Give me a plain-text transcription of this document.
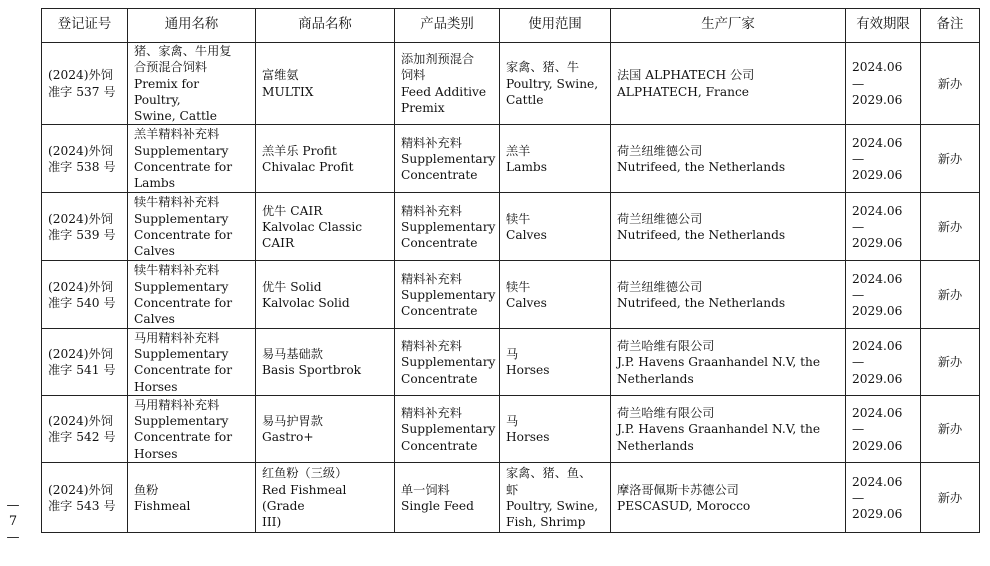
—
7
—
登记证号	通用名称	商品名称	产品类别	使用范围	生产厂家	有效期限	备注

(2024)外饲
准字 537 号	猪、家禽、牛用复
合预混合饲料
Premix for Poultry,
Swine, Cattle	富维氨
MULTIX	添加剂预混合
饲料
Feed Additive
Premix	家禽、猪、牛
Poultry, Swine,
Cattle	法国 ALPHATECH 公司
ALPHATECH, France	2024.06—
2029.06	新办

(2024)外饲
准字 538 号	羔羊精料补充料
Supplementary
Concentrate for
Lambs	羔羊乐 Profit
Chivalac Profit	精料补充料
Supplementary
Concentrate	羔羊
Lambs	荷兰纽维德公司
Nutrifeed, the Netherlands	2024.06—
2029.06	新办

(2024)外饲
准字 539 号	犊牛精料补充料
Supplementary
Concentrate for
Calves	优牛 CAIR
Kalvolac Classic CAIR	精料补充料
Supplementary
Concentrate	犊牛
Calves	荷兰纽维德公司
Nutrifeed, the Netherlands	2024.06—
2029.06	新办

(2024)外饲
准字 540 号	犊牛精料补充料
Supplementary
Concentrate for
Calves	优牛 Solid
Kalvolac Solid	精料补充料
Supplementary
Concentrate	犊牛
Calves	荷兰纽维德公司
Nutrifeed, the Netherlands	2024.06—
2029.06	新办

(2024)外饲
准字 541 号	马用精料补充料
Supplementary
Concentrate for
Horses	易马基础款
Basis Sportbrok	精料补充料
Supplementary
Concentrate	马
Horses	荷兰哈维有限公司
J.P. Havens Graanhandel N.V, the
Netherlands	2024.06—
2029.06	新办

(2024)外饲
准字 542 号	马用精料补充料
Supplementary
Concentrate for
Horses	易马护胃款
Gastro+	精料补充料
Supplementary
Concentrate	马
Horses	荷兰哈维有限公司
J.P. Havens Graanhandel N.V, the
Netherlands	2024.06—
2029.06	新办

(2024)外饲
准字 543 号	鱼粉
Fishmeal	红鱼粉（三级）
Red Fishmeal (Grade
III)	单一饲料
Single Feed	家禽、猪、鱼、
虾
Poultry, Swine,
Fish, Shrimp	摩洛哥佩斯卡苏德公司
PESCASUD, Morocco	2024.06—
2029.06	新办
